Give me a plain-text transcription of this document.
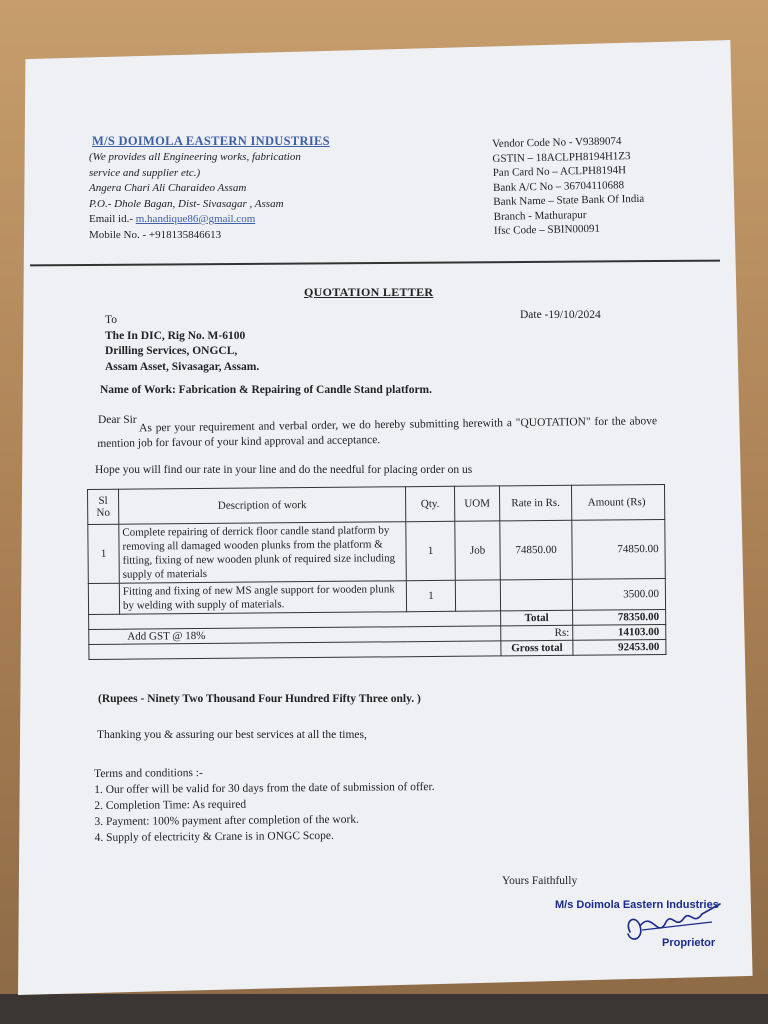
M/S DOIMOLA EASTERN INDUSTRIES
(We provides all Engineering works, fabrication
service and supplier etc.)
Angera Chari Ali Charaideo Assam
P.O.- Dhole Bagan, Dist- Sivasagar , Assam
Email id.- m.handique86@gmail.com
Mobile No. - +918135846613
Vendor Code No - V9389074
GSTIN – 18ACLPH8194H1Z3
Pan Card No – ACLPH8194H
Bank A/C No – 36704110688
Bank Name – State Bank Of India
Branch - Mathurapur
Ifsc Code – SBIN00091
QUOTATION LETTER
To
The In DIC, Rig No. M-6100
Drilling Services, ONGCL,
Assam Asset, Sivasagar, Assam.
Date -19/10/2024
Name of Work: Fabrication & Repairing of Candle Stand platform.
Dear Sir As per your requirement and verbal order, we do hereby submitting herewith a "QUOTATION" for the above mention job for favour of your kind approval and acceptance.
Hope you will find our rate in your line and do the needful for placing order on us
Sl No	Description of work	Qty.	UOM	Rate in Rs.	Amount (Rs)
1	Complete repairing of derrick floor candle stand platform by removing all damaged wooden plunks from the platform & fitting, fixing of new wooden plunk of required size including supply of materials	1	Job	74850.00	74850.00
	Fitting and fixing of new MS angle support for wooden plunk by welding with supply of materials.	1			3500.00
				Total	78350.00
Add GST @ 18%				Rs:	14103.00
				Gross total	92453.00
(Rupees - Ninety Two Thousand Four Hundred Fifty Three only. )
Thanking you & assuring our best services at all the times,
Terms and conditions :-
1. Our offer will be valid for 30 days from the date of submission of offer.
2. Completion Time: As required
3. Payment: 100% payment after completion of the work.
4. Supply of electricity & Crane is in ONGC Scope.
Yours Faithfully
M/s Doimola Eastern Industries
Proprietor
